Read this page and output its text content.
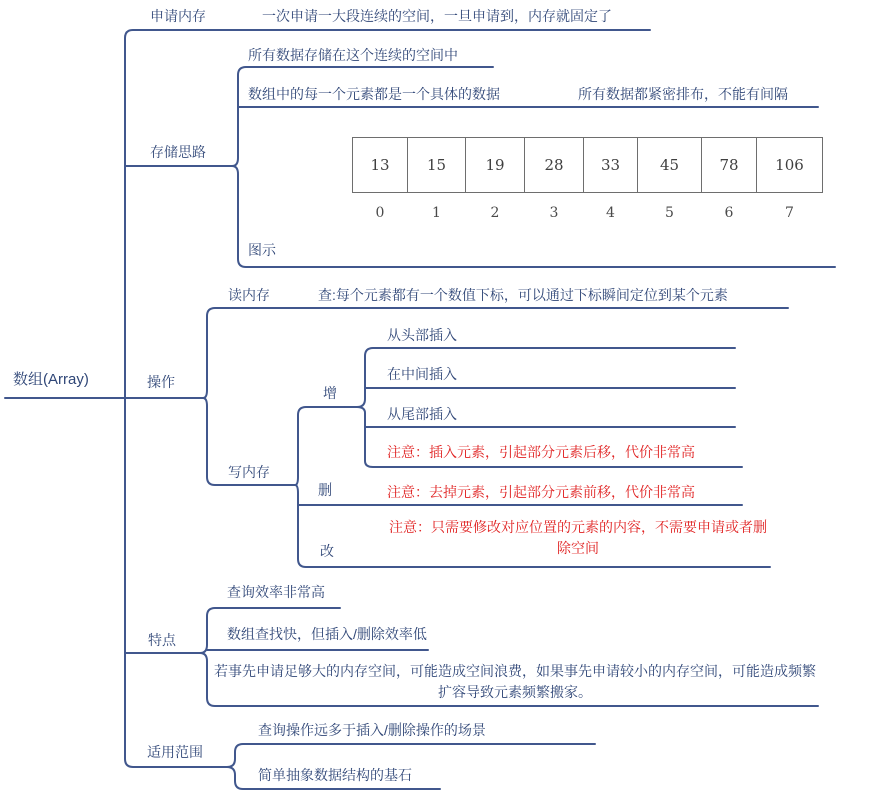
数组(Array)
申请内存	一次申请一大段连续的空间，一旦申请到，内存就固定了
存储思路
所有数据存储在这个连续的空间中
数组中的每一个元素都是一个具体的数据	所有数据都紧密排布，不能有间隔
13	15	19	28	33	45	78	106
0	1	2	3	4	5	6	7
图示
操作
读内存	查:每个元素都有一个数值下标，可以通过下标瞬间定位到某个元素
写内存
增
从头部插入
在中间插入
从尾部插入
注意：插入元素，引起部分元素后移，代价非常高
删	注意：去掉元素，引起部分元素前移，代价非常高
改
注意：只需要修改对应位置的元素的内容，不需要申请或者删除空间
特点
查询效率非常高
数组查找快，但插入/删除效率低
若事先申请足够大的内存空间，可能造成空间浪费，如果事先申请较小的内存空间，可能造成频繁扩容导致元素频繁搬家。
适用范围
查询操作远多于插入/删除操作的场景
简单抽象数据结构的基石
